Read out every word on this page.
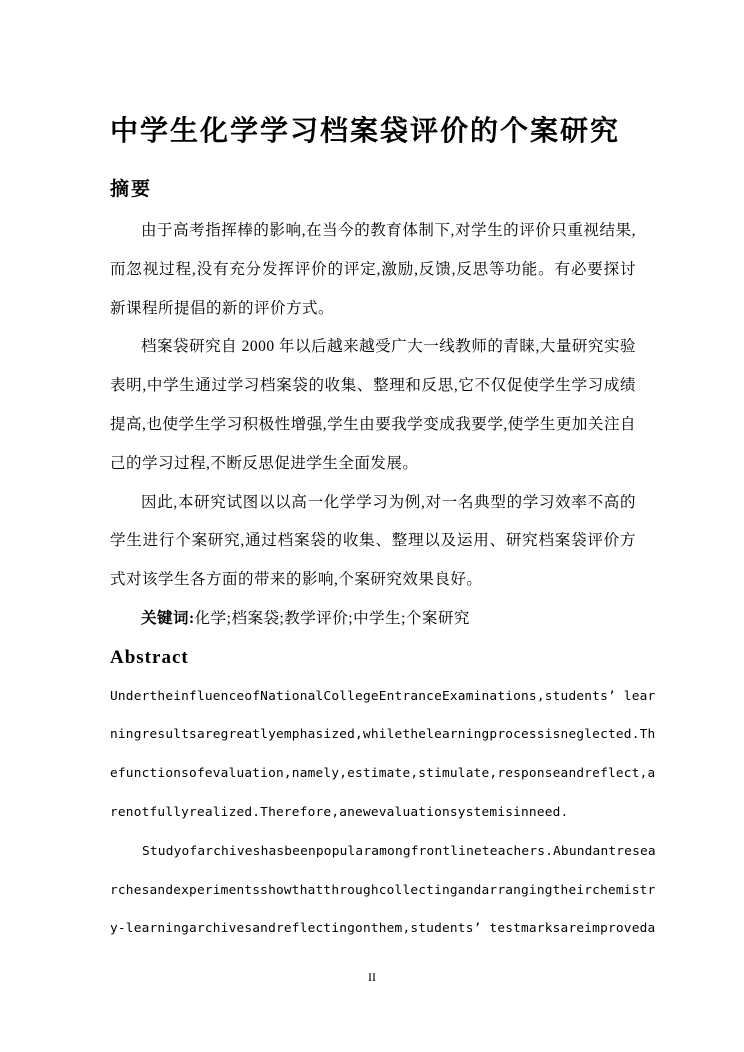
中学生化学学习档案袋评价的个案研究
摘要

由于高考指挥棒的影响,在当今的教育体制下,对学生的评价只重视结果,而忽视过程,没有充分发挥评价的评定,激励,反馈,反思等功能。有必要探讨新课程所提倡的新的评价方式。

档案袋研究自 2000 年以后越来越受广大一线教师的青睐,大量研究实验表明,中学生通过学习档案袋的收集、整理和反思,它不仅促使学生学习成绩提高,也使学生学习积极性增强,学生由要我学变成我要学,使学生更加关注自己的学习过程,不断反思促进学生全面发展。

因此,本研究试图以以高一化学学习为例,对一名典型的学习效率不高的学生进行个案研究,通过档案袋的收集、整理以及运用、研究档案袋评价方式对该学生各方面的带来的影响,个案研究效果良好。

关键词:化学;档案袋;教学评价;中学生;个案研究

Abstract
UndertheinfluenceofNationalCollegeEntranceExaminations,students’ lear
ningresultsaregreatlyemphasized,whilethelearningprocessisneglected.Th
efunctionsofevaluation,namely,estimate,stimulate,responseandreflect,a
renotfullyrealized.Therefore,anewevaluationsystemisinneed.
Studyofarchiveshasbeenpopularamongfrontlineteachers.Abundantresea
rchesandexperimentsshowthatthroughcollectingandarrangingtheirchemistr
y-learningarchivesandreflectingonthem,students’ testmarksareimproveda
II
